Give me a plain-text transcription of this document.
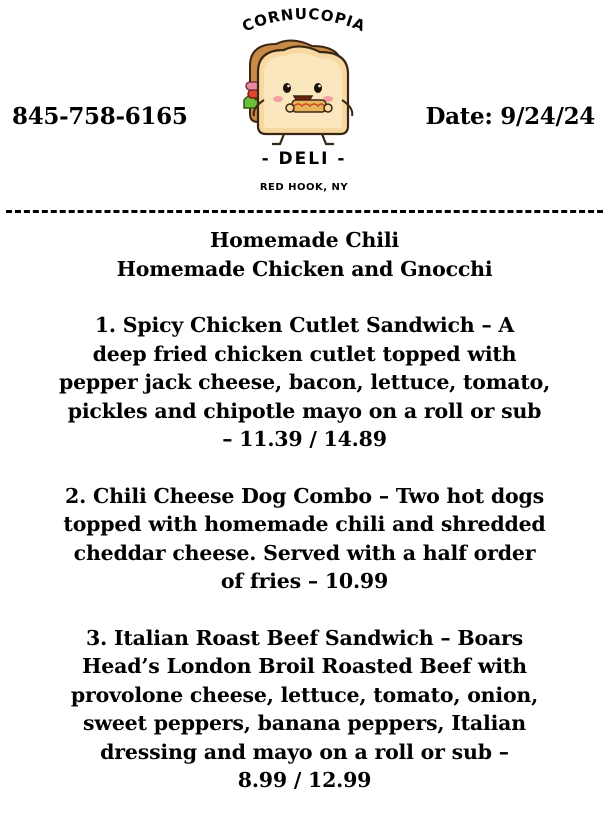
845-758-6165
CORNUCOPIA
- DELI -
RED HOOK, NY
Date: 9/24/24
Homemade Chili
Homemade Chicken and Gnocchi
1. Spicy Chicken Cutlet Sandwich – A
deep fried chicken cutlet topped with
pepper jack cheese, bacon, lettuce, tomato,
pickles and chipotle mayo on a roll or sub
– 11.39 / 14.89
2. Chili Cheese Dog Combo – Two hot dogs
topped with homemade chili and shredded
cheddar cheese. Served with a half order
of fries – 10.99
3. Italian Roast Beef Sandwich – Boars
Head’s London Broil Roasted Beef with
provolone cheese, lettuce, tomato, onion,
sweet peppers, banana peppers, Italian
dressing and mayo on a roll or sub –
8.99 / 12.99
